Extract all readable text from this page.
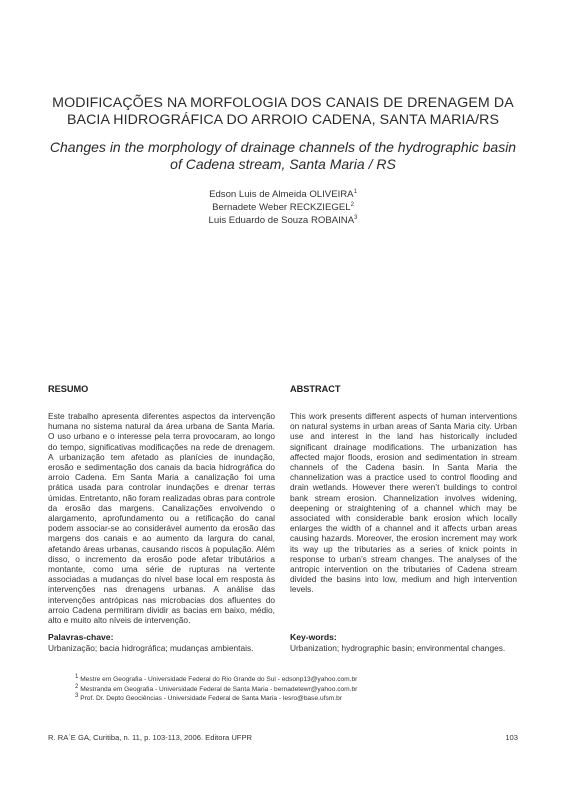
MODIFICAÇÕES NA MORFOLOGIA DOS CANAIS DE DRENAGEM DA
BACIA HIDROGRÁFICA DO ARROIO CADENA, SANTA MARIA/RS
Changes in the morphology of drainage channels of the hydrographic basin
of Cadena stream, Santa Maria / RS
Edson Luis de Almeida OLIVEIRA$^1$
Bernadete Weber RECKZIEGEL$^2$
Luis Eduardo de Souza ROBAINA$^3$
RESUMO

Este trabalho apresenta diferentes aspectos da intervenção humana no sistema natural da área urbana de Santa Maria. O uso urbano e o interesse pela terra provocaram, ao longo do tempo, significativas modificações na rede de drenagem. A urbanização tem afetado as planícies de inundação, erosão e sedimentação dos canais da bacia hidrográfica do arroio Cadena. Em Santa Maria a canalização foi uma prática usada para controlar inundações e drenar terras úmidas. Entretanto, não foram realizadas obras para controle da erosão das margens. Canalizações envolvendo o alargamento, aprofundamento ou a retificação do canal podem associar-se ao considerável aumento da erosão das margens dos canais e ao aumento da largura do canal, afetando áreas urbanas, causando riscos à população. Além disso, o incremento da erosão pode afetar tributários a montante, como uma série de rupturas na vertente associadas a mudanças do nível base local em resposta às intervenções nas drenagens urbanas. A análise das intervenções antrópicas nas microbacias dos afluentes do arroio Cadena permitiram dividir as bacias em baixo, médio, alto e muito alto níveis de intervenção.

ABSTRACT

This work presents different aspects of human interventions on natural systems in urban areas of Santa Maria city. Urban use and interest in the land has historically included significant drainage modifications. The urbanization has affected major floods, erosion and sedimentation in stream channels of the Cadena basin. In Santa Maria the channelization was a practice used to control flooding and drain wetlands. However there weren’t buildings to control bank stream erosion. Channelization involves widening, deepening or straightening of a channel which may be associated with considerable bank erosion which locally enlarges the width of a channel and it affects urban areas causing hazards. Moreover, the erosion increment may work its way up the tributaries as a series of knick points in response to urban’s stream changes. The analyses of the antropic intervention on the tributaries of Cadena stream divided the basins into low, medium and high intervention levels.

Palavras-chave:
Urbanização; bacia hidrográfica; mudanças ambientais.
Key-words:
Urbanization; hydrographic basin; environmental changes.
$^1$ Mestre em Geografia - Universidade Federal do Rio Grande do Sul - edsonp13@yahoo.com.br
$^2$ Mestranda em Geografia - Universidade Federal de Santa Maria - bernadetewr@yahoo.com.br
$^3$ Prof. Dr. Depto Geociências - Universidade Federal de Santa Maria - lesro@base.ufsm.br
R. RA´E GA, Curitiba, n. 11, p. 103-113, 2006. Editora UFPR	103
